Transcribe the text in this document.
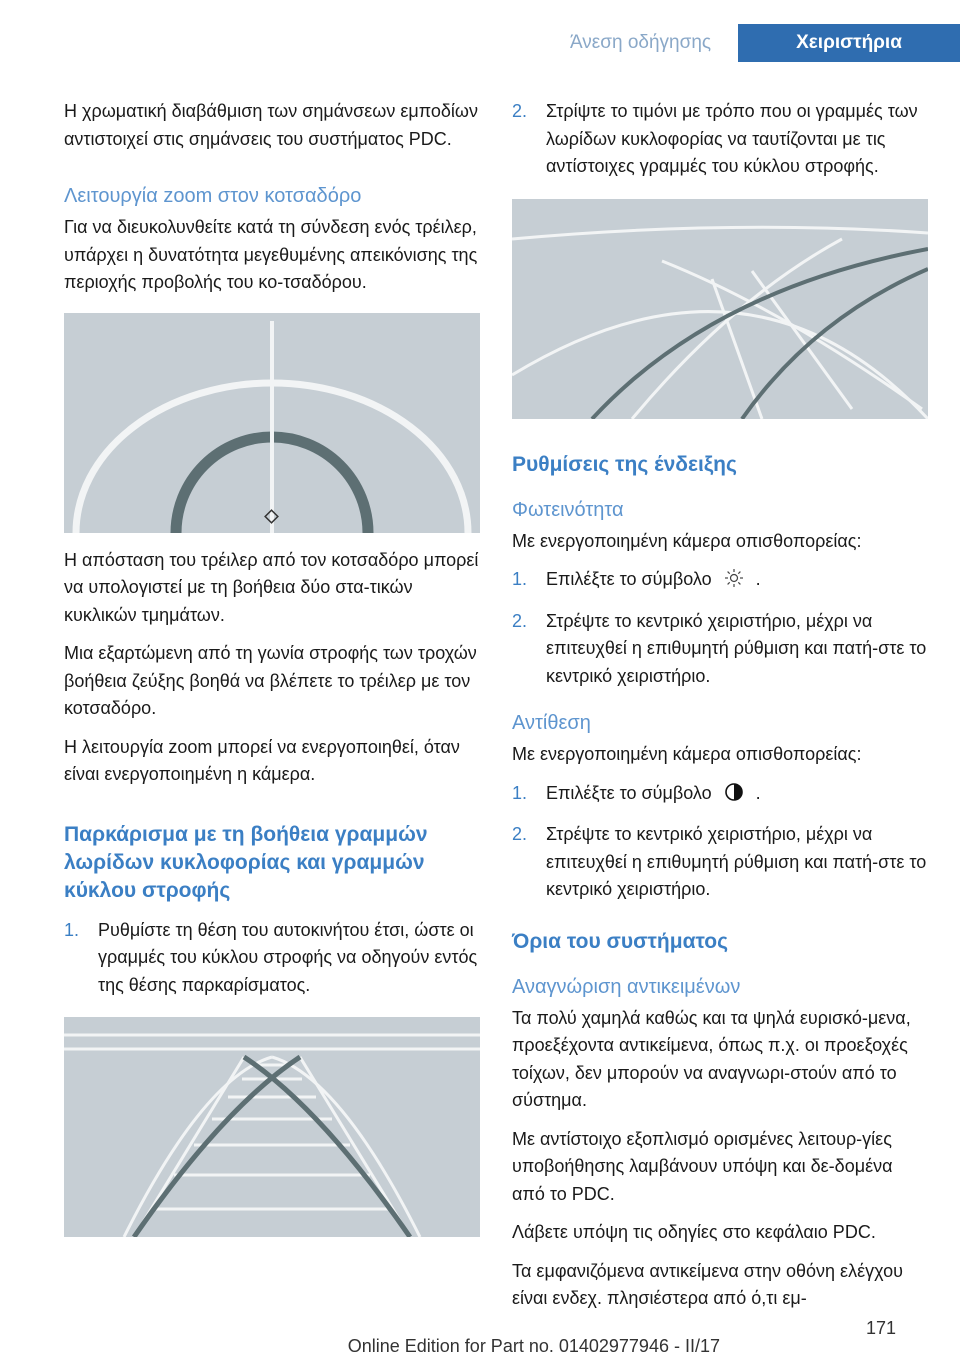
Άνεση οδήγησης	Χειριστήρια

Η χρωματική διαβάθμιση των σημάνσεων εμποδίων αντιστοιχεί στις σημάνσεις του συστήματος PDC.

Λειτουργία zoom στον κοτσαδόρο

Για να διευκολυνθείτε κατά τη σύνδεση ενός τρέιλερ, υπάρχει η δυνατότητα μεγεθυμένης απεικόνισης της περιοχής προβολής του κο‐τσαδόρου.

Η απόσταση του τρέιλερ από τον κοτσαδόρο μπορεί να υπολογιστεί με τη βοήθεια δύο στα‐τικών κυκλικών τμημάτων.

Μια εξαρτώμενη από τη γωνία στροφής των τροχών βοήθεια ζεύξης βοηθά να βλέπετε το τρέιλερ με τον κοτσαδόρο.

Η λειτουργία zoom μπορεί να ενεργοποιηθεί, όταν είναι ενεργοποιημένη η κάμερα.

Παρκάρισμα με τη βοήθεια γραμμών λωρίδων κυκλοφορίας και γραμμών κύκλου στροφής
1. Ρυθμίστε τη θέση του αυτοκινήτου έτσι, ώστε οι γραμμές του κύκλου στροφής να οδηγούν εντός της θέσης παρκαρίσματος.
2. Στρίψτε το τιμόνι με τρόπο που οι γραμμές των λωρίδων κυκλοφορίας να ταυτίζονται με τις αντίστοιχες γραμμές του κύκλου στροφής.
Ρυθμίσεις της ένδειξης
Φωτεινότητα

Με ενεργοποιημένη κάμερα οπισθοπορείας:

1. Επιλέξτε το σύμβολο .
2. Στρέψτε το κεντρικό χειριστήριο, μέχρι να επιτευχθεί η επιθυμητή ρύθμιση και πατή‐στε το κεντρικό χειριστήριο.
Αντίθεση

Με ενεργοποιημένη κάμερα οπισθοπορείας:

1. Επιλέξτε το σύμβολο .
2. Στρέψτε το κεντρικό χειριστήριο, μέχρι να επιτευχθεί η επιθυμητή ρύθμιση και πατή‐στε το κεντρικό χειριστήριο.
Όρια του συστήματος
Αναγνώριση αντικειμένων

Τα πολύ χαμηλά καθώς και τα ψηλά ευρισκό‐μενα, προεξέχοντα αντικείμενα, όπως π.χ. οι προεξοχές τοίχων, δεν μπορούν να αναγνωρι‐στούν από το σύστημα.

Με αντίστοιχο εξοπλισμό ορισμένες λειτουρ‐γίες υποβοήθησης λαμβάνουν υπόψη και δε‐δομένα από το PDC.

Λάβετε υπόψη τις οδηγίες στο κεφάλαιο PDC.

Τα εμφανιζόμενα αντικείμενα στην οθόνη ελέγχου είναι ενδεχ. πλησιέστερα από ό,τι εμ‐

171
Online Edition for Part no. 01402977946 - II/17
